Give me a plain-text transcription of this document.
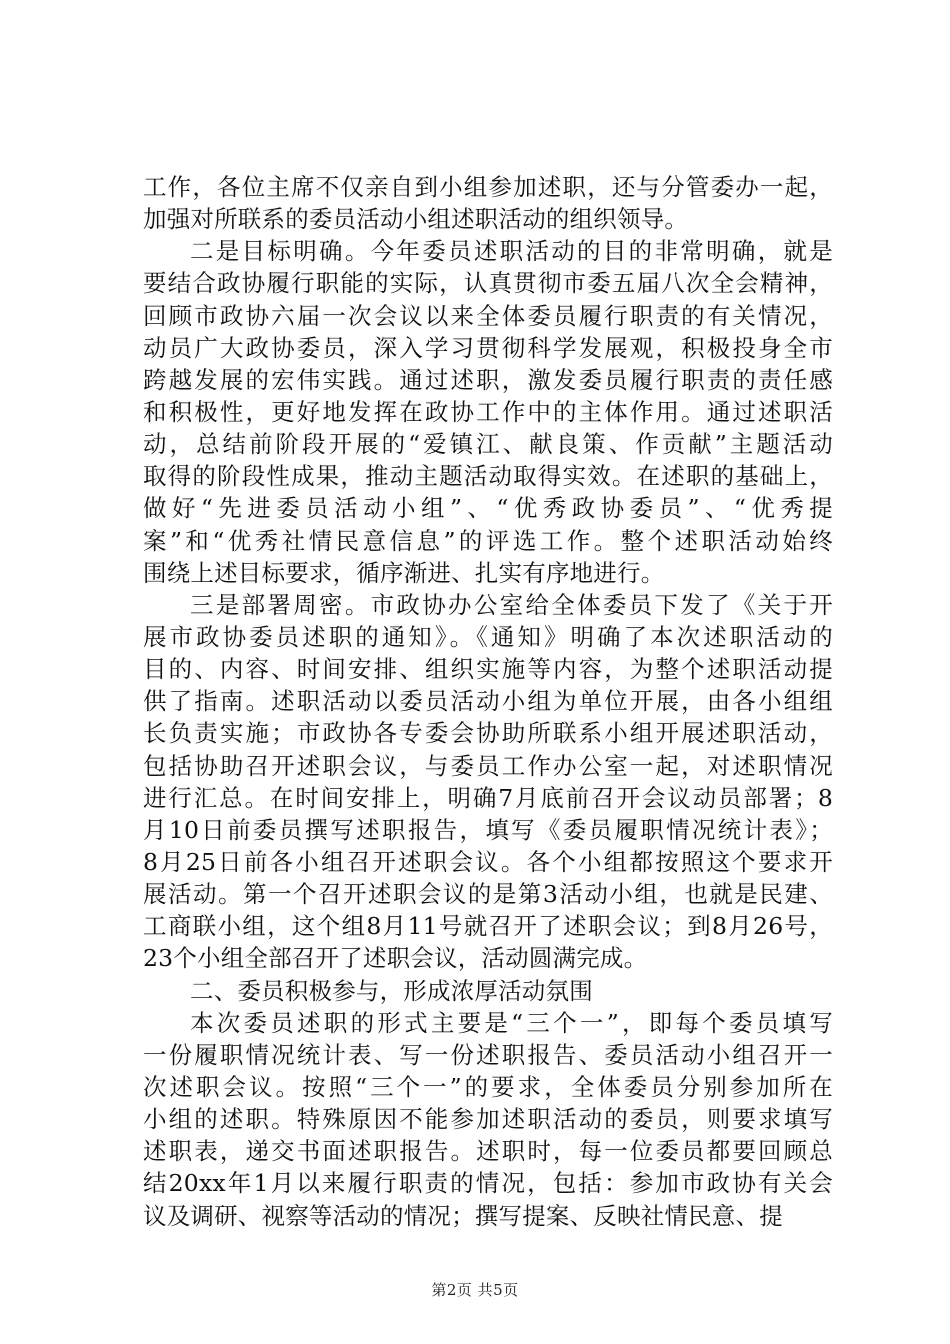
工作，各位主席不仅亲自到小组参加述职，还与分管委办一起，
加强对所联系的委员活动小组述职活动的组织领导。
二是目标明确。今年委员述职活动的目的非常明确，就是
要结合政协履行职能的实际，认真贯彻市委五届八次全会精神，
回顾市政协六届一次会议以来全体委员履行职责的有关情况，
动员广大政协委员，深入学习贯彻科学发展观，积极投身全市
跨越发展的宏伟实践。通过述职，激发委员履行职责的责任感
和积极性，更好地发挥在政协工作中的主体作用。通过述职活
动，总结前阶段开展的“爱镇江、献良策、作贡献”主题活动
取得的阶段性成果，推动主题活动取得实效。在述职的基础上，
做好“先进委员活动小组”、“优秀政协委员”、“优秀提
案”和“优秀社情民意信息”的评选工作。整个述职活动始终
围绕上述目标要求，循序渐进、扎实有序地进行。
三是部署周密。市政协办公室给全体委员下发了《关于开
展市政协委员述职的通知》。《通知》明确了本次述职活动的
目的、内容、时间安排、组织实施等内容，为整个述职活动提
供了指南。述职活动以委员活动小组为单位开展，由各小组组
长负责实施；市政协各专委会协助所联系小组开展述职活动，
包括协助召开述职会议，与委员工作办公室一起，对述职情况
进行汇总。在时间安排上，明确7月底前召开会议动员部署；8
月10日前委员撰写述职报告，填写《委员履职情况统计表》；
8月25日前各小组召开述职会议。各个小组都按照这个要求开
展活动。第一个召开述职会议的是第3活动小组，也就是民建、
工商联小组，这个组8月11号就召开了述职会议；到8月26号，
23个小组全部召开了述职会议，活动圆满完成。
二、委员积极参与，形成浓厚活动氛围
本次委员述职的形式主要是“三个一”，即每个委员填写
一份履职情况统计表、写一份述职报告、委员活动小组召开一
次述职会议。按照“三个一”的要求，全体委员分别参加所在
小组的述职。特殊原因不能参加述职活动的委员，则要求填写
述职表，递交书面述职报告。述职时，每一位委员都要回顾总
结20xx年1月以来履行职责的情况，包括：参加市政协有关会
议及调研、视察等活动的情况；撰写提案、反映社情民意、提
第2页 共5页
